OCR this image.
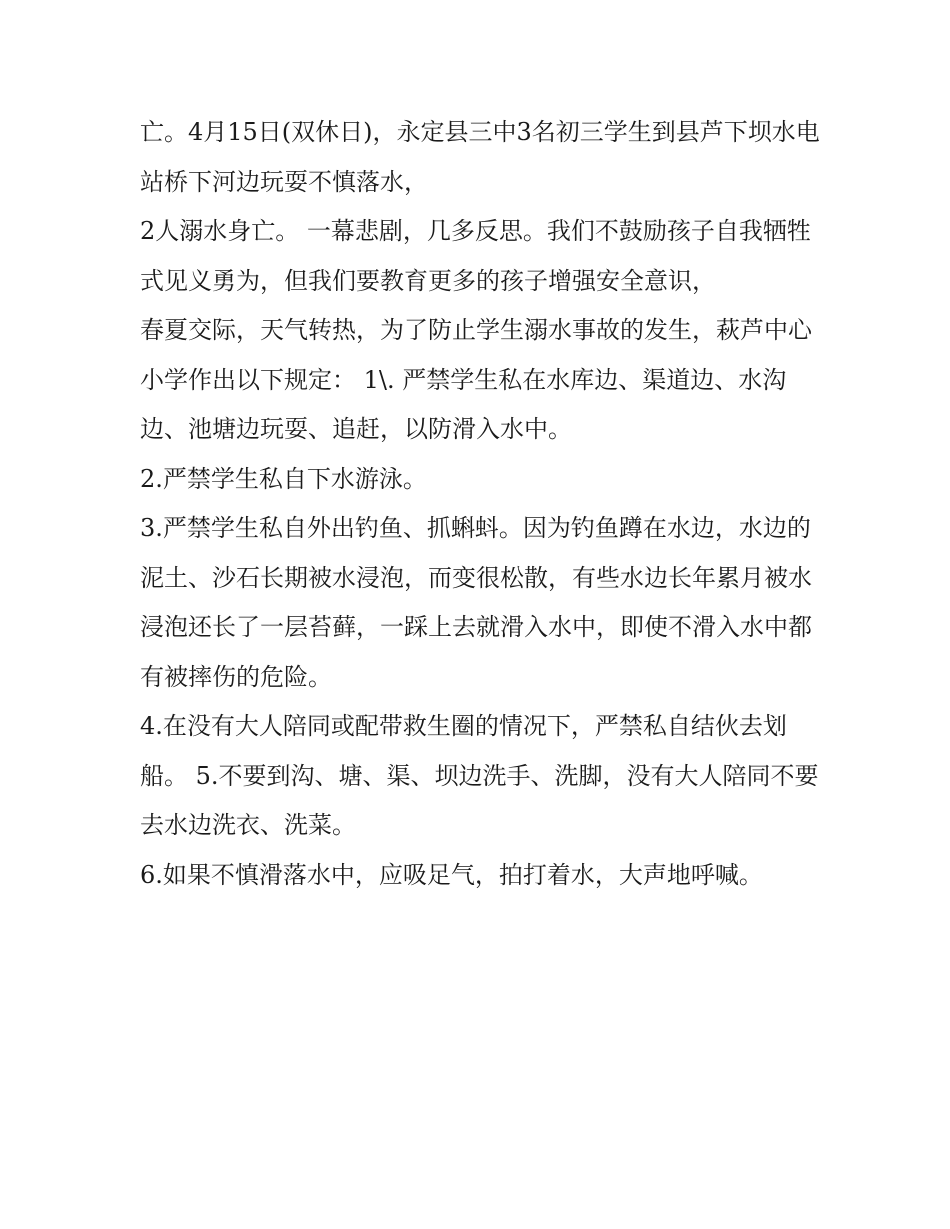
亡。4月15日(双休日)，永定县三中3名初三学生到县芦下坝水电站桥下河边玩耍不慎落水，

2人溺水身亡。 一幕悲剧，几多反思。我们不鼓励孩子自我牺牲式见义勇为，但我们要教育更多的孩子增强安全意识，

春夏交际，天气转热，为了防止学生溺水事故的发生，萩芦中心小学作出以下规定： 1\. 严禁学生私在水库边、渠道边、水沟边、池塘边玩耍、追赶，以防滑入水中。

2.严禁学生私自下水游泳。

3.严禁学生私自外出钓鱼、抓蝌蚪。因为钓鱼蹲在水边，水边的泥土、沙石长期被水浸泡，而变很松散，有些水边长年累月被水浸泡还长了一层苔藓，一踩上去就滑入水中，即使不滑入水中都有被摔伤的危险。

4.在没有大人陪同或配带救生圈的情况下，严禁私自结伙去划船。 5.不要到沟、塘、渠、坝边洗手、洗脚，没有大人陪同不要去水边洗衣、洗菜。

6.如果不慎滑落水中，应吸足气，拍打着水，大声地呼喊。
